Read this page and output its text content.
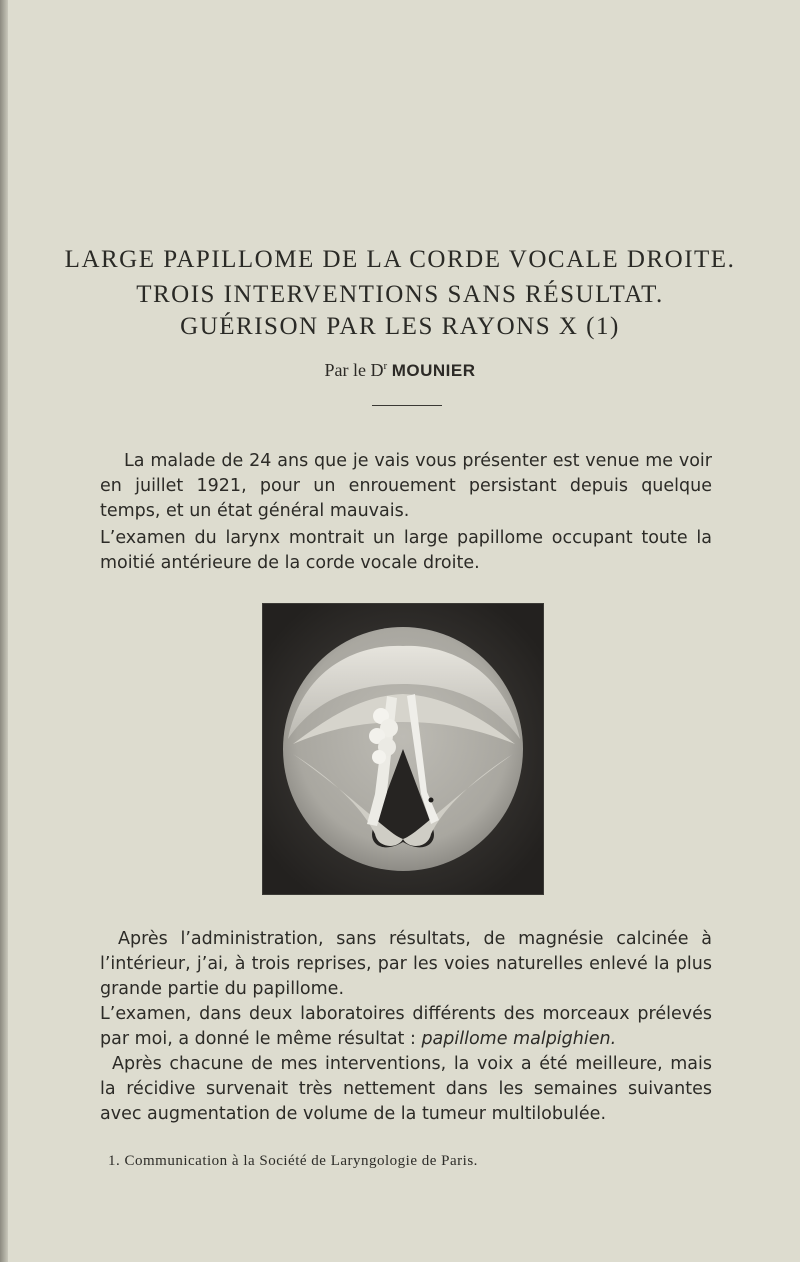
LARGE PAPILLOME DE LA CORDE VOCALE DROITE.
TROIS INTERVENTIONS SANS RÉSULTAT.
GUÉRISON PAR LES RAYONS X (1)
Par le $D^r$ MOUNIER
La malade de 24 ans que je vais vous présenter est venue me voir en juillet 1921, pour un enrouement persistant depuis quelque temps, et un état général mauvais.
L’examen du larynx montrait un large papillome occupant toute la moitié antérieure de la corde vocale droite.
Après l’administration, sans résultats, de magnésie calcinée à l’intérieur, j’ai, à trois reprises, par les voies naturelles enlevé la plus grande partie du papillome.
L’examen, dans deux laboratoires différents des morceaux prélevés par moi, a donné le même résultat : papillome malpighien.
Après chacune de mes interventions, la voix a été meilleure, mais la récidive survenait très nettement dans les semaines suivantes avec augmentation de volume de la tumeur multilobulée.
1. Communication à la Société de Laryngologie de Paris.
